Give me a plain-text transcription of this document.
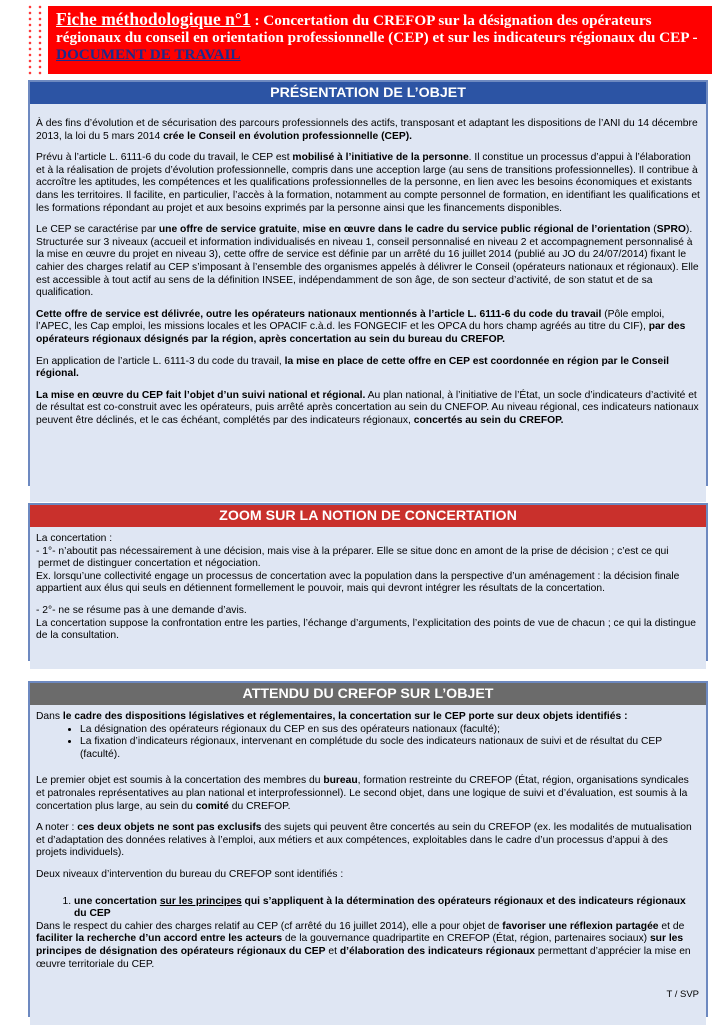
Fiche méthodologique n°1 : Concertation du CREFOP sur la désignation des opérateurs régionaux du conseil en orientation professionnelle (CEP) et sur les indicateurs régionaux du CEP - DOCUMENT DE TRAVAIL
PRÉSENTATION DE L’OBJET

À des fins d’évolution et de sécurisation des parcours professionnels des actifs, transposant et adaptant les dispositions de l’ANI du 14 décembre 2013, la loi du 5 mars 2014 crée le Conseil en évolution professionnelle (CEP).

Prévu à l’article L. 6111-6 du code du travail, le CEP est mobilisé à l’initiative de la personne. Il constitue un processus d’appui à l’élaboration et à la réalisation de projets d’évolution professionnelle, compris dans une acception large (au sens de transitions professionnelles). Il contribue à accroître les aptitudes, les compétences et les qualifications professionnelles de la personne, en lien avec les besoins économiques et existants dans les territoires. Il facilite, en particulier, l’accès à la formation, notamment au compte personnel de formation, en identifiant les qualifications et les formations répondant au projet et aux besoins exprimés par la personne ainsi que les financements disponibles.

Le CEP se caractérise par une offre de service gratuite, mise en œuvre dans le cadre du service public régional de l’orientation (SPRO). Structurée sur 3 niveaux (accueil et information individualisés en niveau 1, conseil personnalisé en niveau 2 et accompagnement personnalisé à la mise en œuvre du projet en niveau 3), cette offre de service est définie par un arrêté du 16 juillet 2014 (publié au JO du 24/07/2014) fixant le cahier des charges relatif au CEP s’imposant à l’ensemble des organismes appelés à délivrer le Conseil (opérateurs nationaux et régionaux). Elle est accessible à tout actif au sens de la définition INSEE, indépendamment de son âge, de son secteur d’activité, de son statut et de sa qualification.

Cette offre de service est délivrée, outre les opérateurs nationaux mentionnés à l’article L. 6111-6 du code du travail (Pôle emploi, l’APEC, les Cap emploi, les missions locales et les OPACIF c.à.d. les FONGECIF et les OPCA du hors champ agréés au titre du CIF), par des opérateurs régionaux désignés par la région, après concertation au sein du bureau du CREFOP.

En application de l’article L. 6111-3 du code du travail, la mise en place de cette offre en CEP est coordonnée en région par le Conseil régional.

La mise en œuvre du CEP fait l’objet d’un suivi national et régional. Au plan national, à l’initiative de l’État, un socle d’indicateurs d’activité et de résultat est co-construit avec les opérateurs, puis arrêté après concertation au sein du CNEFOP. Au niveau régional, ces indicateurs nationaux peuvent être déclinés, et le cas échéant, complétés par des indicateurs régionaux, concertés au sein du CREFOP.

ZOOM SUR LA NOTION DE CONCERTATION

La concertation :

- 1°- n’aboutit pas nécessairement à une décision, mais vise à la préparer. Elle se situe donc en amont de la prise de décision ; c’est ce qui permet de distinguer concertation et négociation.

Ex. lorsqu’une collectivité engage un processus de concertation avec la population dans la perspective d’un aménagement : la décision finale appartient aux élus qui seuls en détiennent formellement le pouvoir, mais qui devront intégrer les résultats de la concertation.

- 2°- ne se résume pas à une demande d’avis.

La concertation suppose la confrontation entre les parties, l’échange d’arguments, l’explicitation des points de vue de chacun ; ce qui la distingue de la consultation.

ATTENDU DU CREFOP SUR L’OBJET

Dans le cadre des dispositions législatives et réglementaires, la concertation sur le CEP porte sur deux objets identifiés :

• La désignation des opérateurs régionaux du CEP en sus des opérateurs nationaux (faculté);
• La fixation d’indicateurs régionaux, intervenant en complétude du socle des indicateurs nationaux de suivi et de résultat du CEP (faculté).

Le premier objet est soumis à la concertation des membres du bureau, formation restreinte du CREFOP (État, région, organisations syndicales et patronales représentatives au plan national et interprofessionnel). Le second objet, dans une logique de suivi et d’évaluation, est soumis à la concertation plus large, au sein du comité du CREFOP.

A noter : ces deux objets ne sont pas exclusifs des sujets qui peuvent être concertés au sein du CREFOP (ex. les modalités de mutualisation et d’adaptation des données relatives à l’emploi, aux métiers et aux compétences, exploitables dans le cadre d’un processus d’appui à des projets individuels).

Deux niveaux d’intervention du bureau du CREFOP sont identifiés :

1. une concertation sur les principes qui s’appliquent à la détermination des opérateurs régionaux et des indicateurs régionaux du CEP

Dans le respect du cahier des charges relatif au CEP (cf arrêté du 16 juillet 2014), elle a pour objet de favoriser une réflexion partagée et de faciliter la recherche d’un accord entre les acteurs de la gouvernance quadripartite en CREFOP (État, région, partenaires sociaux) sur les principes de désignation des opérateurs régionaux du CEP et d’élaboration des indicateurs régionaux permettant d’apprécier la mise en œuvre territoriale du CEP.

T / SVP
